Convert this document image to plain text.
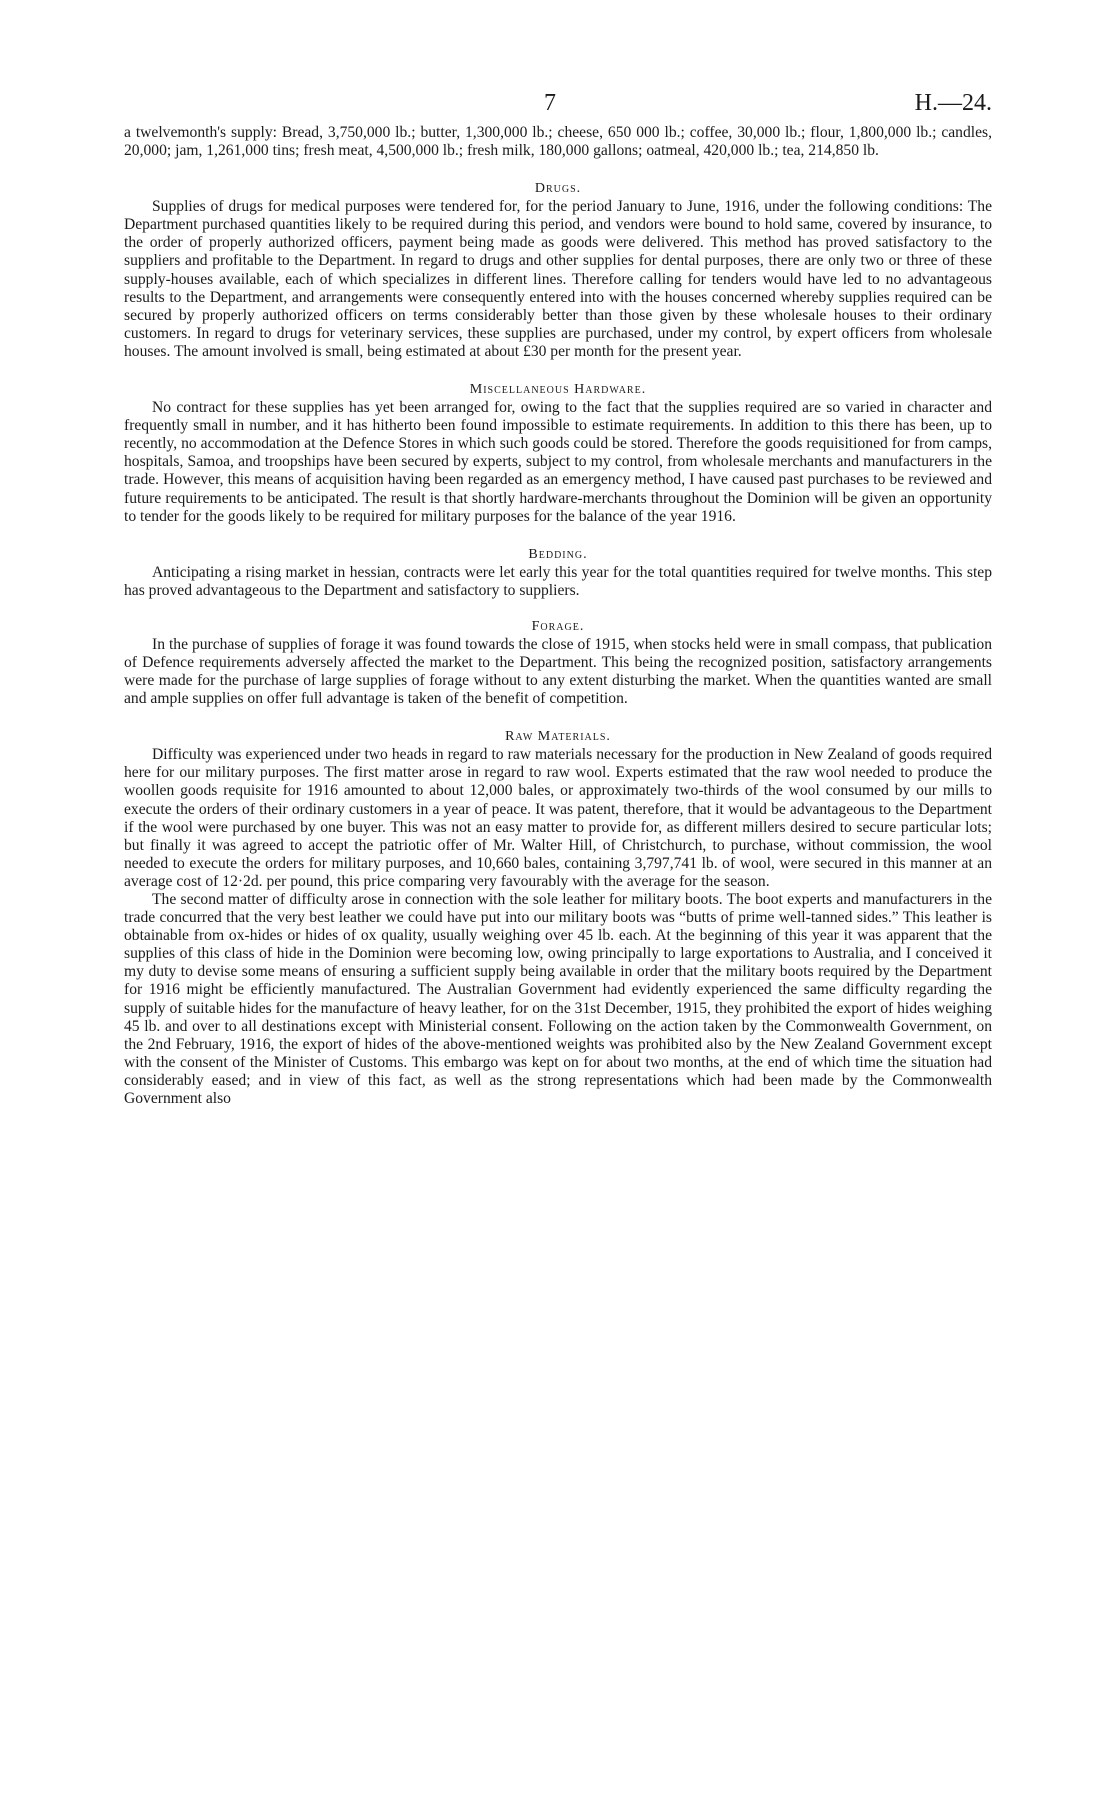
7	H.—24.

a twelvemonth's supply: Bread, 3,750,000 lb.; butter, 1,300,000 lb.; cheese, 650 000 lb.; coffee, 30,000 lb.; flour, 1,800,000 lb.; candles, 20,000; jam, 1,261,000 tins; fresh meat, 4,500,000 lb.; fresh milk, 180,000 gallons; oatmeal, 420,000 lb.; tea, 214,850 lb.

Drugs.

Supplies of drugs for medical purposes were tendered for, for the period January to June, 1916, under the following conditions: The Department purchased quantities likely to be required during this period, and vendors were bound to hold same, covered by insurance, to the order of properly authorized officers, payment being made as goods were delivered. This method has proved satisfactory to the suppliers and profitable to the Department. In regard to drugs and other supplies for dental purposes, there are only two or three of these supply-houses available, each of which specializes in different lines. Therefore calling for tenders would have led to no advantageous results to the Department, and arrangements were consequently entered into with the houses concerned whereby supplies required can be secured by properly authorized officers on terms considerably better than those given by these wholesale houses to their ordinary customers. In regard to drugs for veterinary services, these supplies are purchased, under my control, by expert officers from wholesale houses. The amount involved is small, being estimated at about £30 per month for the present year.

Miscellaneous Hardware.

No contract for these supplies has yet been arranged for, owing to the fact that the supplies required are so varied in character and frequently small in number, and it has hitherto been found impossible to estimate requirements. In addition to this there has been, up to recently, no accommodation at the Defence Stores in which such goods could be stored. Therefore the goods requisitioned for from camps, hospitals, Samoa, and troopships have been secured by experts, subject to my control, from wholesale merchants and manufacturers in the trade. However, this means of acquisition having been regarded as an emergency method, I have caused past purchases to be reviewed and future requirements to be anticipated. The result is that shortly hardware-merchants throughout the Dominion will be given an opportunity to tender for the goods likely to be required for military purposes for the balance of the year 1916.

Bedding.

Anticipating a rising market in hessian, contracts were let early this year for the total quantities required for twelve months. This step has proved advantageous to the Department and satisfactory to suppliers.

Forage.

In the purchase of supplies of forage it was found towards the close of 1915, when stocks held were in small compass, that publication of Defence requirements adversely affected the market to the Department. This being the recognized position, satisfactory arrangements were made for the purchase of large supplies of forage without to any extent disturbing the market. When the quantities wanted are small and ample supplies on offer full advantage is taken of the benefit of competition.

Raw Materials.

Difficulty was experienced under two heads in regard to raw materials necessary for the production in New Zealand of goods required here for our military purposes. The first matter arose in regard to raw wool. Experts estimated that the raw wool needed to produce the woollen goods requisite for 1916 amounted to about 12,000 bales, or approximately two-thirds of the wool consumed by our mills to execute the orders of their ordinary customers in a year of peace. It was patent, therefore, that it would be advantageous to the Department if the wool were purchased by one buyer. This was not an easy matter to provide for, as different millers desired to secure particular lots; but finally it was agreed to accept the patriotic offer of Mr. Walter Hill, of Christchurch, to purchase, without commission, the wool needed to execute the orders for military purposes, and 10,660 bales, containing 3,797,741 lb. of wool, were secured in this manner at an average cost of 12·2d. per pound, this price comparing very favourably with the average for the season.

The second matter of difficulty arose in connection with the sole leather for military boots. The boot experts and manufacturers in the trade concurred that the very best leather we could have put into our military boots was “butts of prime well-tanned sides.” This leather is obtainable from ox-hides or hides of ox quality, usually weighing over 45 lb. each. At the beginning of this year it was apparent that the supplies of this class of hide in the Dominion were becoming low, owing principally to large exportations to Australia, and I conceived it my duty to devise some means of ensuring a sufficient supply being available in order that the military boots required by the Department for 1916 might be efficiently manufactured. The Australian Government had evidently experienced the same difficulty regarding the supply of suitable hides for the manufacture of heavy leather, for on the 31st December, 1915, they prohibited the export of hides weighing 45 lb. and over to all destinations except with Ministerial consent. Following on the action taken by the Commonwealth Government, on the 2nd February, 1916, the export of hides of the above-mentioned weights was prohibited also by the New Zealand Government except with the consent of the Minister of Customs. This embargo was kept on for about two months, at the end of which time the situation had considerably eased; and in view of this fact, as well as the strong representations which had been made by the Commonwealth Government also
